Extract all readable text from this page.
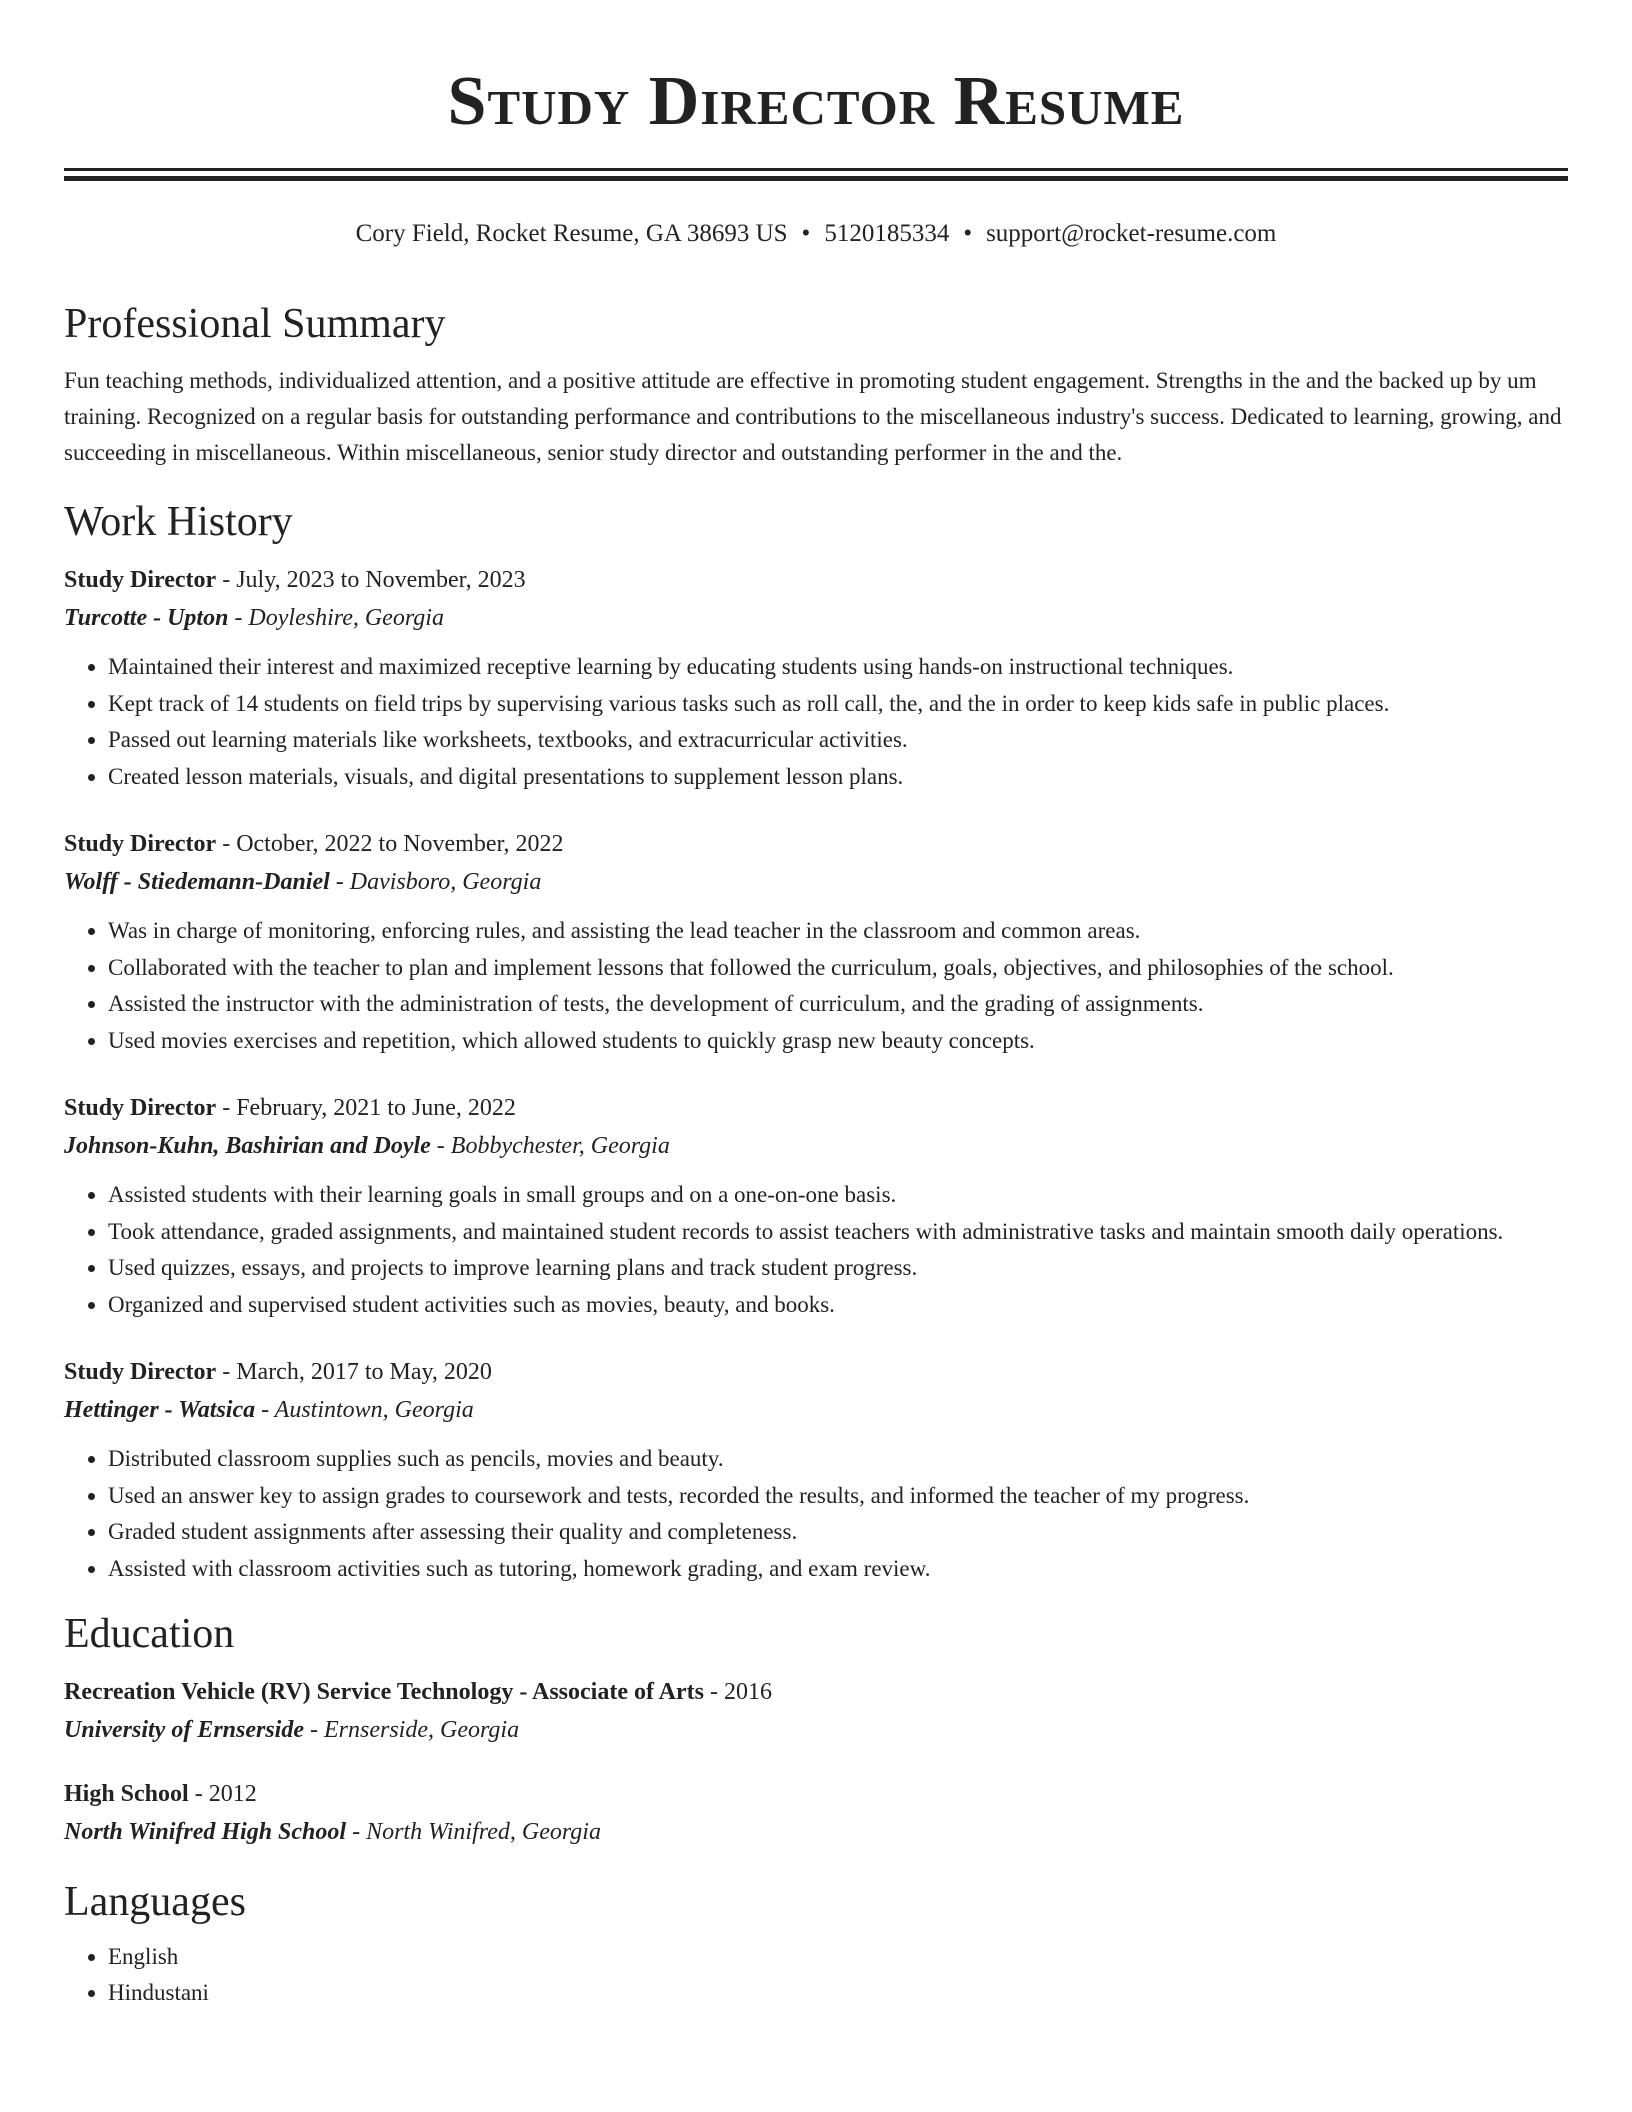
Study Director Resume
Cory Field, Rocket Resume, GA 38693 US • 5120185334 • support@rocket-resume.com
Professional Summary

Fun teaching methods, individualized attention, and a positive attitude are effective in promoting student engagement. Strengths in the and the backed up by um training. Recognized on a regular basis for outstanding performance and contributions to the miscellaneous industry's success. Dedicated to learning, growing, and succeeding in miscellaneous. Within miscellaneous, senior study director and outstanding performer in the and the.

Work History
Study Director - July, 2023 to November, 2023
Turcotte - Upton - Doyleshire, Georgia
• Maintained their interest and maximized receptive learning by educating students using hands-on instructional techniques.
• Kept track of 14 students on field trips by supervising various tasks such as roll call, the, and the in order to keep kids safe in public places.
• Passed out learning materials like worksheets, textbooks, and extracurricular activities.
• Created lesson materials, visuals, and digital presentations to supplement lesson plans.
Study Director - October, 2022 to November, 2022
Wolff - Stiedemann-Daniel - Davisboro, Georgia
• Was in charge of monitoring, enforcing rules, and assisting the lead teacher in the classroom and common areas.
• Collaborated with the teacher to plan and implement lessons that followed the curriculum, goals, objectives, and philosophies of the school.
• Assisted the instructor with the administration of tests, the development of curriculum, and the grading of assignments.
• Used movies exercises and repetition, which allowed students to quickly grasp new beauty concepts.
Study Director - February, 2021 to June, 2022
Johnson-Kuhn, Bashirian and Doyle - Bobbychester, Georgia
• Assisted students with their learning goals in small groups and on a one-on-one basis.
• Took attendance, graded assignments, and maintained student records to assist teachers with administrative tasks and maintain smooth daily operations.
• Used quizzes, essays, and projects to improve learning plans and track student progress.
• Organized and supervised student activities such as movies, beauty, and books.
Study Director - March, 2017 to May, 2020
Hettinger - Watsica - Austintown, Georgia
• Distributed classroom supplies such as pencils, movies and beauty.
• Used an answer key to assign grades to coursework and tests, recorded the results, and informed the teacher of my progress.
• Graded student assignments after assessing their quality and completeness.
• Assisted with classroom activities such as tutoring, homework grading, and exam review.
Education
Recreation Vehicle (RV) Service Technology - Associate of Arts - 2016
University of Ernserside - Ernserside, Georgia
High School - 2012
North Winifred High School - North Winifred, Georgia
Languages
• English
• Hindustani
